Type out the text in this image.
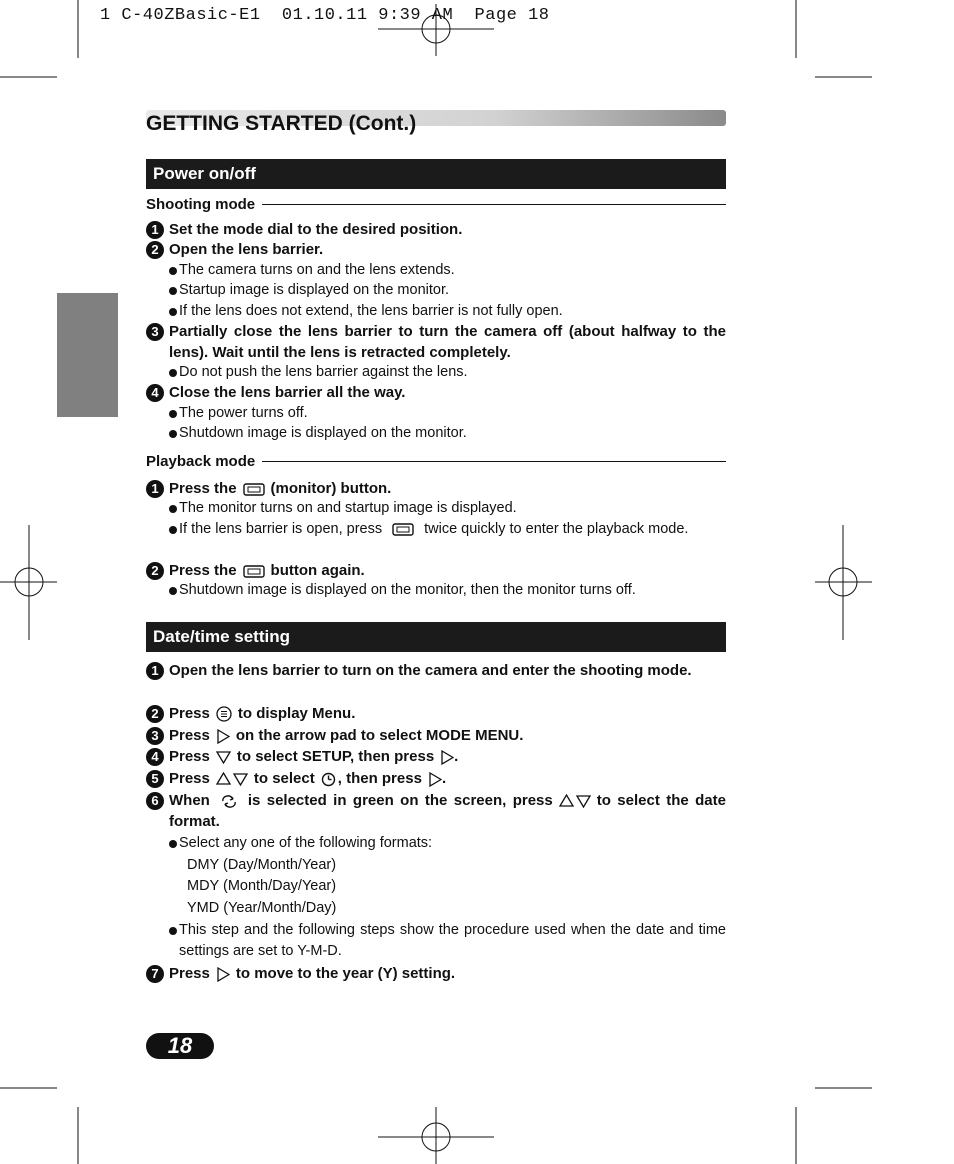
1 C-40ZBasic-E1  01.10.11 9:39 AM  Page 18
GETTING STARTED (Cont.)
Power on/off
Shooting mode
1 Set the mode dial to the desired position.
2 Open the lens barrier.
The camera turns on and the lens extends.
Startup image is displayed on the monitor.
If the lens does not extend, the lens barrier is not fully open.
3 Partially close the lens barrier to turn the camera off (about halfway to the lens). Wait until the lens is retracted completely.
Do not push the lens barrier against the lens.
4 Close the lens barrier all the way.
The power turns off.
Shutdown image is displayed on the monitor.
Playback mode
1 Press the (monitor) button.
The monitor turns on and startup image is displayed.
If the lens barrier is open, press	twice quickly to enter the playback mode.
2 Press the button again.
Shutdown image is displayed on the monitor, then the monitor turns off.
Date/time setting
1 Open the lens barrier to turn on the camera and enter the shooting mode.
2 Press to display Menu.
3 Press on the arrow pad to select MODE MENU.
4 Press to select SETUP, then press .
5 Press	to select , then press .
6 When	is selected in green on the screen, press	to select the date format.
Select any one of the following formats:
DMY (Day/Month/Year)
MDY (Month/Day/Year)
YMD (Year/Month/Day)
This step and the following steps show the procedure used when the date and time settings are set to Y-M-D.
7 Press to move to the year (Y) setting.
18
